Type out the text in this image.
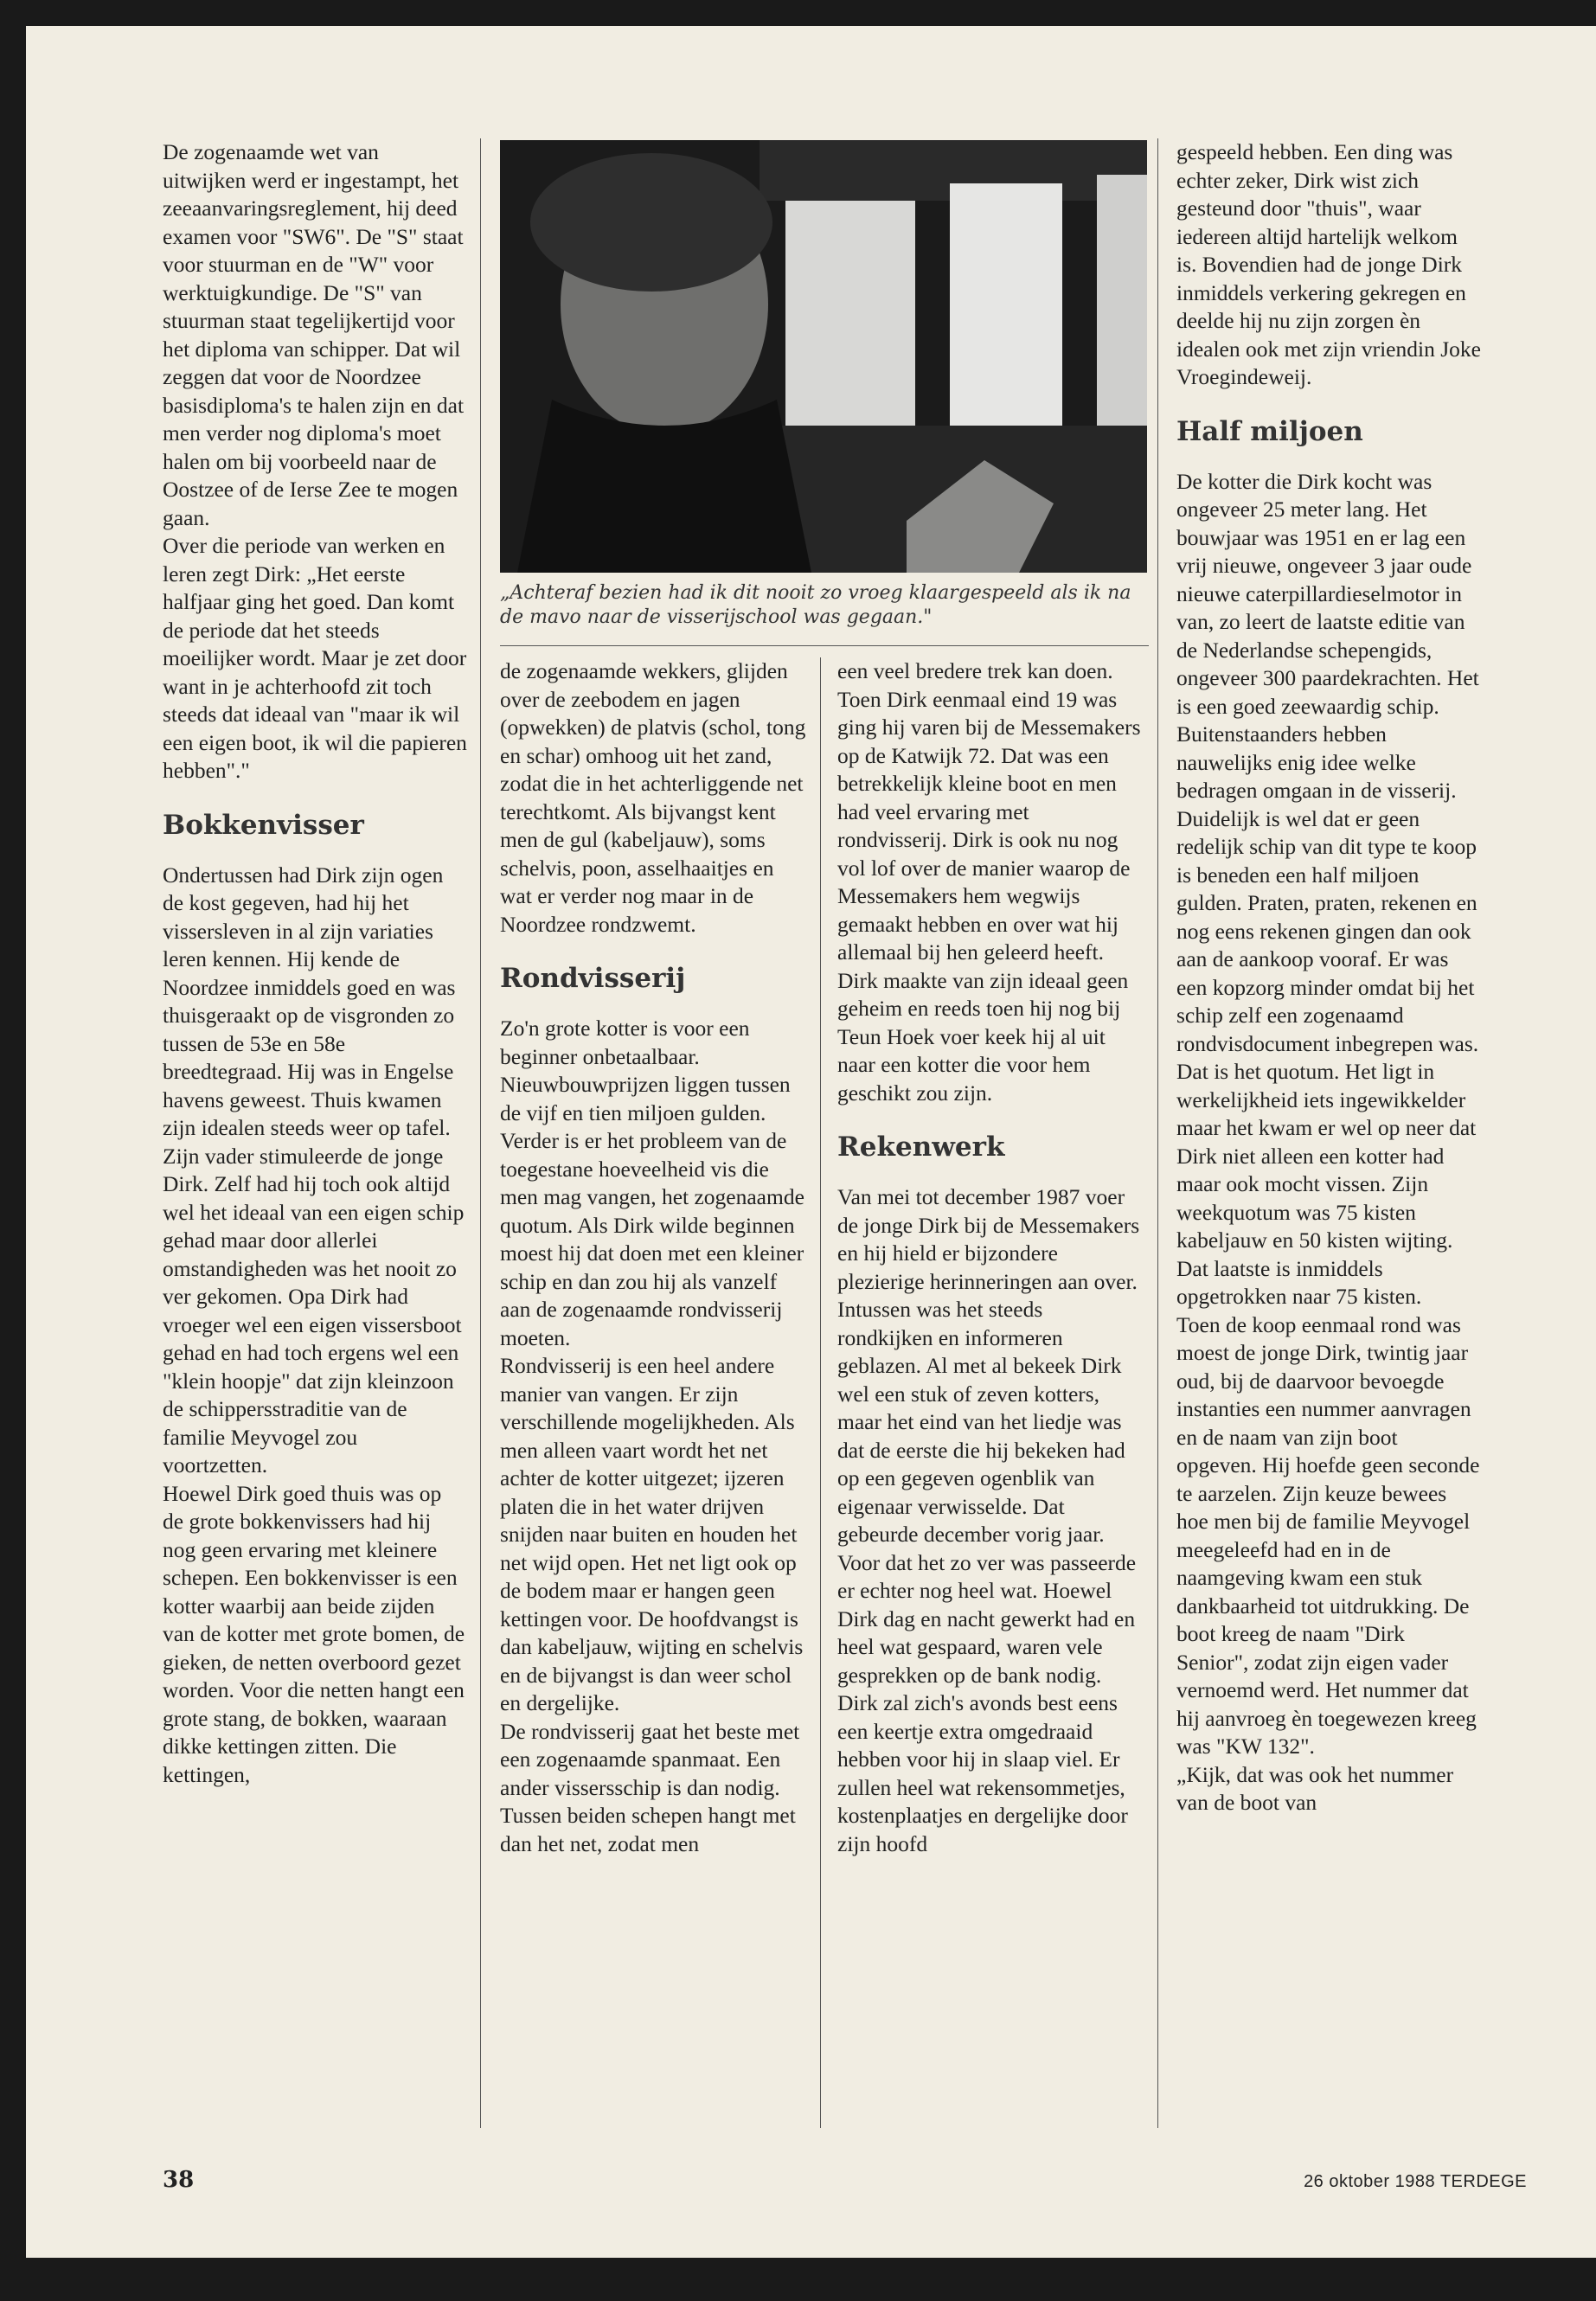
De zogenaamde wet van uitwijken werd er ingestampt, het zeeaanvaringsreglement, hij deed examen voor "SW6". De "S" staat voor stuurman en de "W" voor werktuigkundige. De "S" van stuurman staat tegelijkertijd voor het diploma van schipper. Dat wil zeggen dat voor de Noordzee basisdiploma's te halen zijn en dat men verder nog diploma's moet halen om bij voorbeeld naar de Oostzee of de Ierse Zee te mogen gaan.

Over die periode van werken en leren zegt Dirk: „Het eerste halfjaar ging het goed. Dan komt de periode dat het steeds moeilijker wordt. Maar je zet door want in je achterhoofd zit toch steeds dat ideaal van "maar ik wil een eigen boot, ik wil die papieren hebben"."

Bokkenvisser

Ondertussen had Dirk zijn ogen de kost gegeven, had hij het vissersleven in al zijn variaties leren kennen. Hij kende de Noordzee inmiddels goed en was thuisgeraakt op de visgronden zo tussen de 53e en 58e breedtegraad. Hij was in Engelse havens geweest. Thuis kwamen zijn idealen steeds weer op tafel. Zijn vader stimuleerde de jonge Dirk. Zelf had hij toch ook altijd wel het ideaal van een eigen schip gehad maar door allerlei omstandigheden was het nooit zo ver gekomen. Opa Dirk had vroeger wel een eigen vissersboot gehad en had toch ergens wel een "klein hoopje" dat zijn kleinzoon de schippersstraditie van de familie Meyvogel zou voortzetten.

Hoewel Dirk goed thuis was op de grote bokkenvissers had hij nog geen ervaring met kleinere schepen. Een bokkenvisser is een kotter waarbij aan beide zijden van de kotter met grote bomen, de gieken, de netten overboord gezet worden. Voor die netten hangt een grote stang, de bokken, waaraan dikke kettingen zitten. Die kettingen,

„Achteraf bezien had ik dit nooit zo vroeg klaargespeeld als ik na de mavo naar de visserijschool was gegaan."

de zogenaamde wekkers, glijden over de zeebodem en jagen (opwekken) de platvis (schol, tong en schar) omhoog uit het zand, zodat die in het achterliggende net terechtkomt. Als bijvangst kent men de gul (kabeljauw), soms schelvis, poon, asselhaaitjes en wat er verder nog maar in de Noordzee rondzwemt.

Rondvisserij

Zo'n grote kotter is voor een beginner onbetaalbaar. Nieuwbouwprijzen liggen tussen de vijf en tien miljoen gulden. Verder is er het probleem van de toegestane hoeveelheid vis die men mag vangen, het zogenaamde quotum. Als Dirk wilde beginnen moest hij dat doen met een kleiner schip en dan zou hij als vanzelf aan de zogenaamde rondvisserij moeten.

Rondvisserij is een heel andere manier van vangen. Er zijn verschillende mogelijkheden. Als men alleen vaart wordt het net achter de kotter uitgezet; ijzeren platen die in het water drijven snijden naar buiten en houden het net wijd open. Het net ligt ook op de bodem maar er hangen geen kettingen voor. De hoofdvangst is dan kabeljauw, wijting en schelvis en de bijvangst is dan weer schol en dergelijke.

De rondvisserij gaat het beste met een zogenaamde spanmaat. Een ander vissersschip is dan nodig. Tussen beiden schepen hangt met dan het net, zodat men

een veel bredere trek kan doen.

Toen Dirk eenmaal eind 19 was ging hij varen bij de Messemakers op de Katwijk 72. Dat was een betrekkelijk kleine boot en men had veel ervaring met rondvisserij. Dirk is ook nu nog vol lof over de manier waarop de Messemakers hem wegwijs gemaakt hebben en over wat hij allemaal bij hen geleerd heeft.

Dirk maakte van zijn ideaal geen geheim en reeds toen hij nog bij Teun Hoek voer keek hij al uit naar een kotter die voor hem geschikt zou zijn.

Rekenwerk

Van mei tot december 1987 voer de jonge Dirk bij de Messemakers en hij hield er bijzondere plezierige herinneringen aan over. Intussen was het steeds rondkijken en informeren geblazen. Al met al bekeek Dirk wel een stuk of zeven kotters, maar het eind van het liedje was dat de eerste die hij bekeken had op een gegeven ogenblik van eigenaar verwisselde. Dat gebeurde december vorig jaar.

Voor dat het zo ver was passeerde er echter nog heel wat. Hoewel Dirk dag en nacht gewerkt had en heel wat gespaard, waren vele gesprekken op de bank nodig. Dirk zal zich's avonds best eens een keertje extra omgedraaid hebben voor hij in slaap viel. Er zullen heel wat rekensommetjes, kostenplaatjes en dergelijke door zijn hoofd

gespeeld hebben. Een ding was echter zeker, Dirk wist zich gesteund door "thuis", waar iedereen altijd hartelijk welkom is. Bovendien had de jonge Dirk inmiddels verkering gekregen en deelde hij nu zijn zorgen èn idealen ook met zijn vriendin Joke Vroegindeweij.

Half miljoen

De kotter die Dirk kocht was ongeveer 25 meter lang. Het bouwjaar was 1951 en er lag een vrij nieuwe, ongeveer 3 jaar oude nieuwe caterpillardieselmotor in van, zo leert de laatste editie van de Nederlandse schepengids, ongeveer 300 paardekrachten. Het is een goed zeewaardig schip. Buitenstaanders hebben nauwelijks enig idee welke bedragen omgaan in de visserij. Duidelijk is wel dat er geen redelijk schip van dit type te koop is beneden een half miljoen gulden. Praten, praten, rekenen en nog eens rekenen gingen dan ook aan de aankoop vooraf. Er was een kopzorg minder omdat bij het schip zelf een zogenaamd rondvisdocument inbegrepen was. Dat is het quotum. Het ligt in werkelijkheid iets ingewikkelder maar het kwam er wel op neer dat Dirk niet alleen een kotter had maar ook mocht vissen. Zijn weekquotum was 75 kisten kabeljauw en 50 kisten wijting. Dat laatste is inmiddels opgetrokken naar 75 kisten.

Toen de koop eenmaal rond was moest de jonge Dirk, twintig jaar oud, bij de daarvoor bevoegde instanties een nummer aanvragen en de naam van zijn boot opgeven. Hij hoefde geen seconde te aarzelen. Zijn keuze bewees hoe men bij de familie Meyvogel meegeleefd had en in de naamgeving kwam een stuk dankbaarheid tot uitdrukking. De boot kreeg de naam "Dirk Senior", zodat zijn eigen vader vernoemd werd. Het nummer dat hij aanvroeg èn toegewezen kreeg was "KW 132".

„Kijk, dat was ook het nummer van de boot van

38	26 oktober 1988 TERDEGE
